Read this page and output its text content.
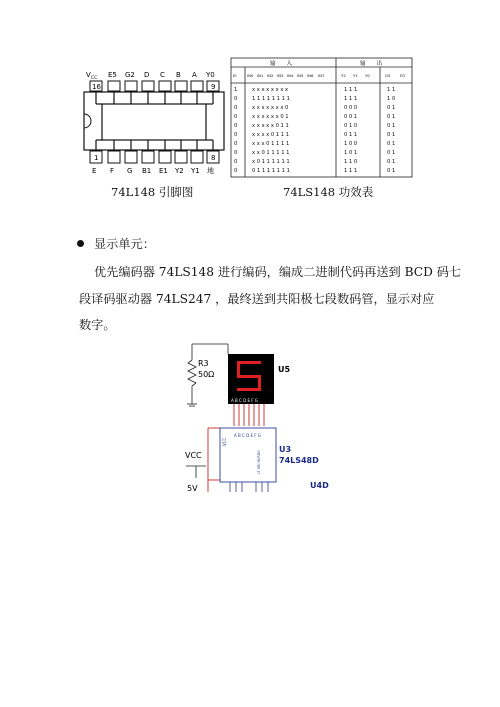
V CC E5 G2 D C B A Y0
16	9
1	8
E F G B1 E1 Y2 Y1 地
输　　入	输　　出
EI	IN0 IN1 IN2 IN3 IN4 IN5 IN6 IN7	Y2 Y1 Y0	GS	EO
1	x x x x x x x x	1 1 1	1 1
0	1 1 1 1 1 1 1 1	1 1 1	1 0
0	x x x x x x x 0	0 0 0	0 1
0	x x x x x x 0 1	0 0 1	0 1
0	x x x x x 0 1 1	0 1 0	0 1
0	x x x x 0 1 1 1	0 1 1	0 1
0	x x x 0 1 1 1 1	1 0 0	0 1
0	x x 0 1 1 1 1 1	1 0 1	0 1
0	x 0 1 1 1 1 1 1	1 1 0	0 1
0	0 1 1 1 1 1 1 1	1 1 1	0 1
74L148 引脚图	74LS148 功效表
显示单元：
优先编码器 74LS148 进行编码，编成二进制代码再送到 BCD 码七
段译码驱动器 74LS247 ，最终送到共阳极七段数码管，显示对应
数字。
R3
50Ω
A B C D E F G
U5
VCC
A B C D E F G
LT RBI BI/RBO
U3
74LS48D
VCC
5V	U4D
